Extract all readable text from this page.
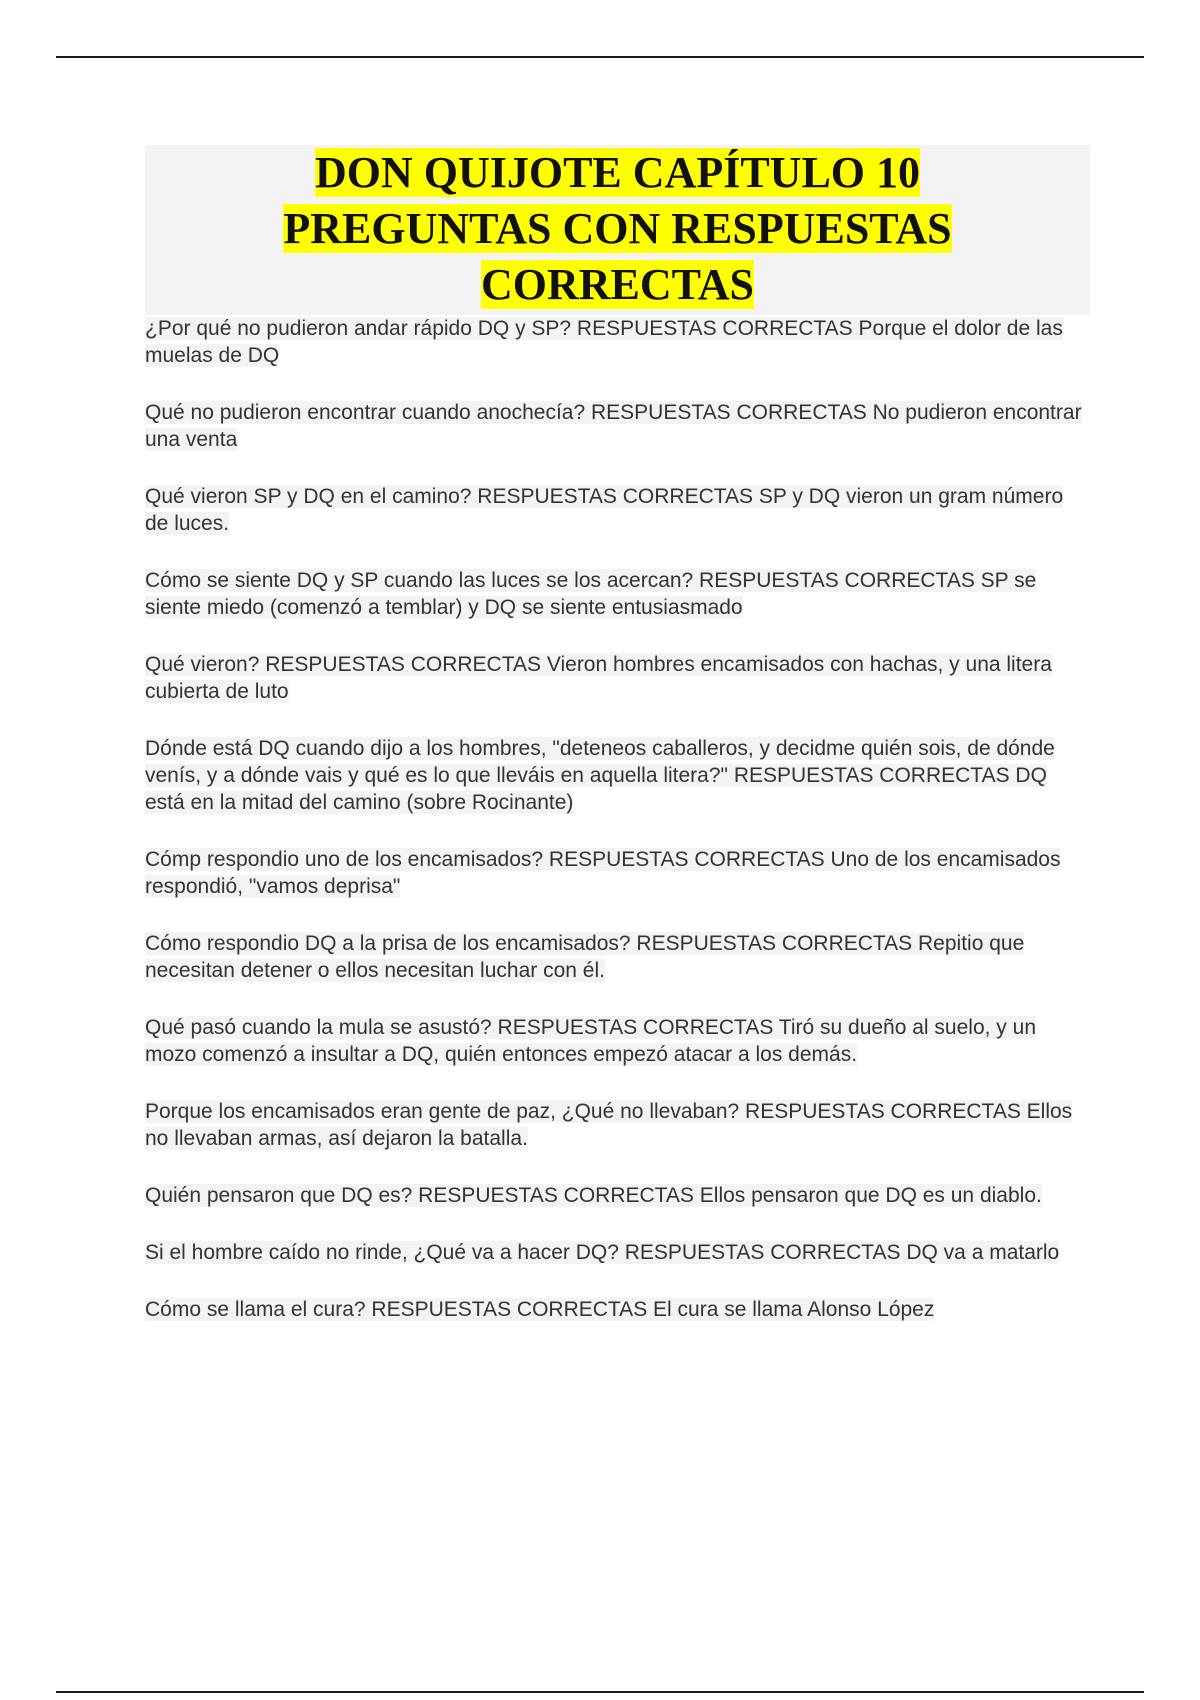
DON QUIJOTE CAPÍTULO 10

PREGUNTAS CON RESPUESTAS

CORRECTAS

¿Por qué no pudieron andar rápido DQ y SP? RESPUESTAS CORRECTAS Porque el dolor de las muelas de DQ

Qué no pudieron encontrar cuando anochecía? RESPUESTAS CORRECTAS No pudieron encontrar una venta

Qué vieron SP y DQ en el camino? RESPUESTAS CORRECTAS SP y DQ vieron un gram número de luces.

Cómo se siente DQ y SP cuando las luces se los acercan? RESPUESTAS CORRECTAS SP se siente miedo (comenzó a temblar) y DQ se siente entusiasmado

Qué vieron? RESPUESTAS CORRECTAS Vieron hombres encamisados con hachas, y una litera cubierta de luto

Dónde está DQ cuando dijo a los hombres, "deteneos caballeros, y decidme quién sois, de dónde venís, y a dónde vais y qué es lo que lleváis en aquella litera?" RESPUESTAS CORRECTAS DQ está en la mitad del camino (sobre Rocinante)

Cómp respondio uno de los encamisados? RESPUESTAS CORRECTAS Uno de los encamisados respondió, "vamos deprisa"

Cómo respondio DQ a la prisa de los encamisados? RESPUESTAS CORRECTAS Repitio que necesitan detener o ellos necesitan luchar con él.

Qué pasó cuando la mula se asustó? RESPUESTAS CORRECTAS Tiró su dueño al suelo, y un mozo comenzó a insultar a DQ, quién entonces empezó atacar a los demás.

Porque los encamisados eran gente de paz, ¿Qué no llevaban? RESPUESTAS CORRECTAS Ellos no llevaban armas, así dejaron la batalla.

Quién pensaron que DQ es? RESPUESTAS CORRECTAS Ellos pensaron que DQ es un diablo.

Si el hombre caído no rinde, ¿Qué va a hacer DQ? RESPUESTAS CORRECTAS DQ va a matarlo

Cómo se llama el cura? RESPUESTAS CORRECTAS El cura se llama Alonso López
